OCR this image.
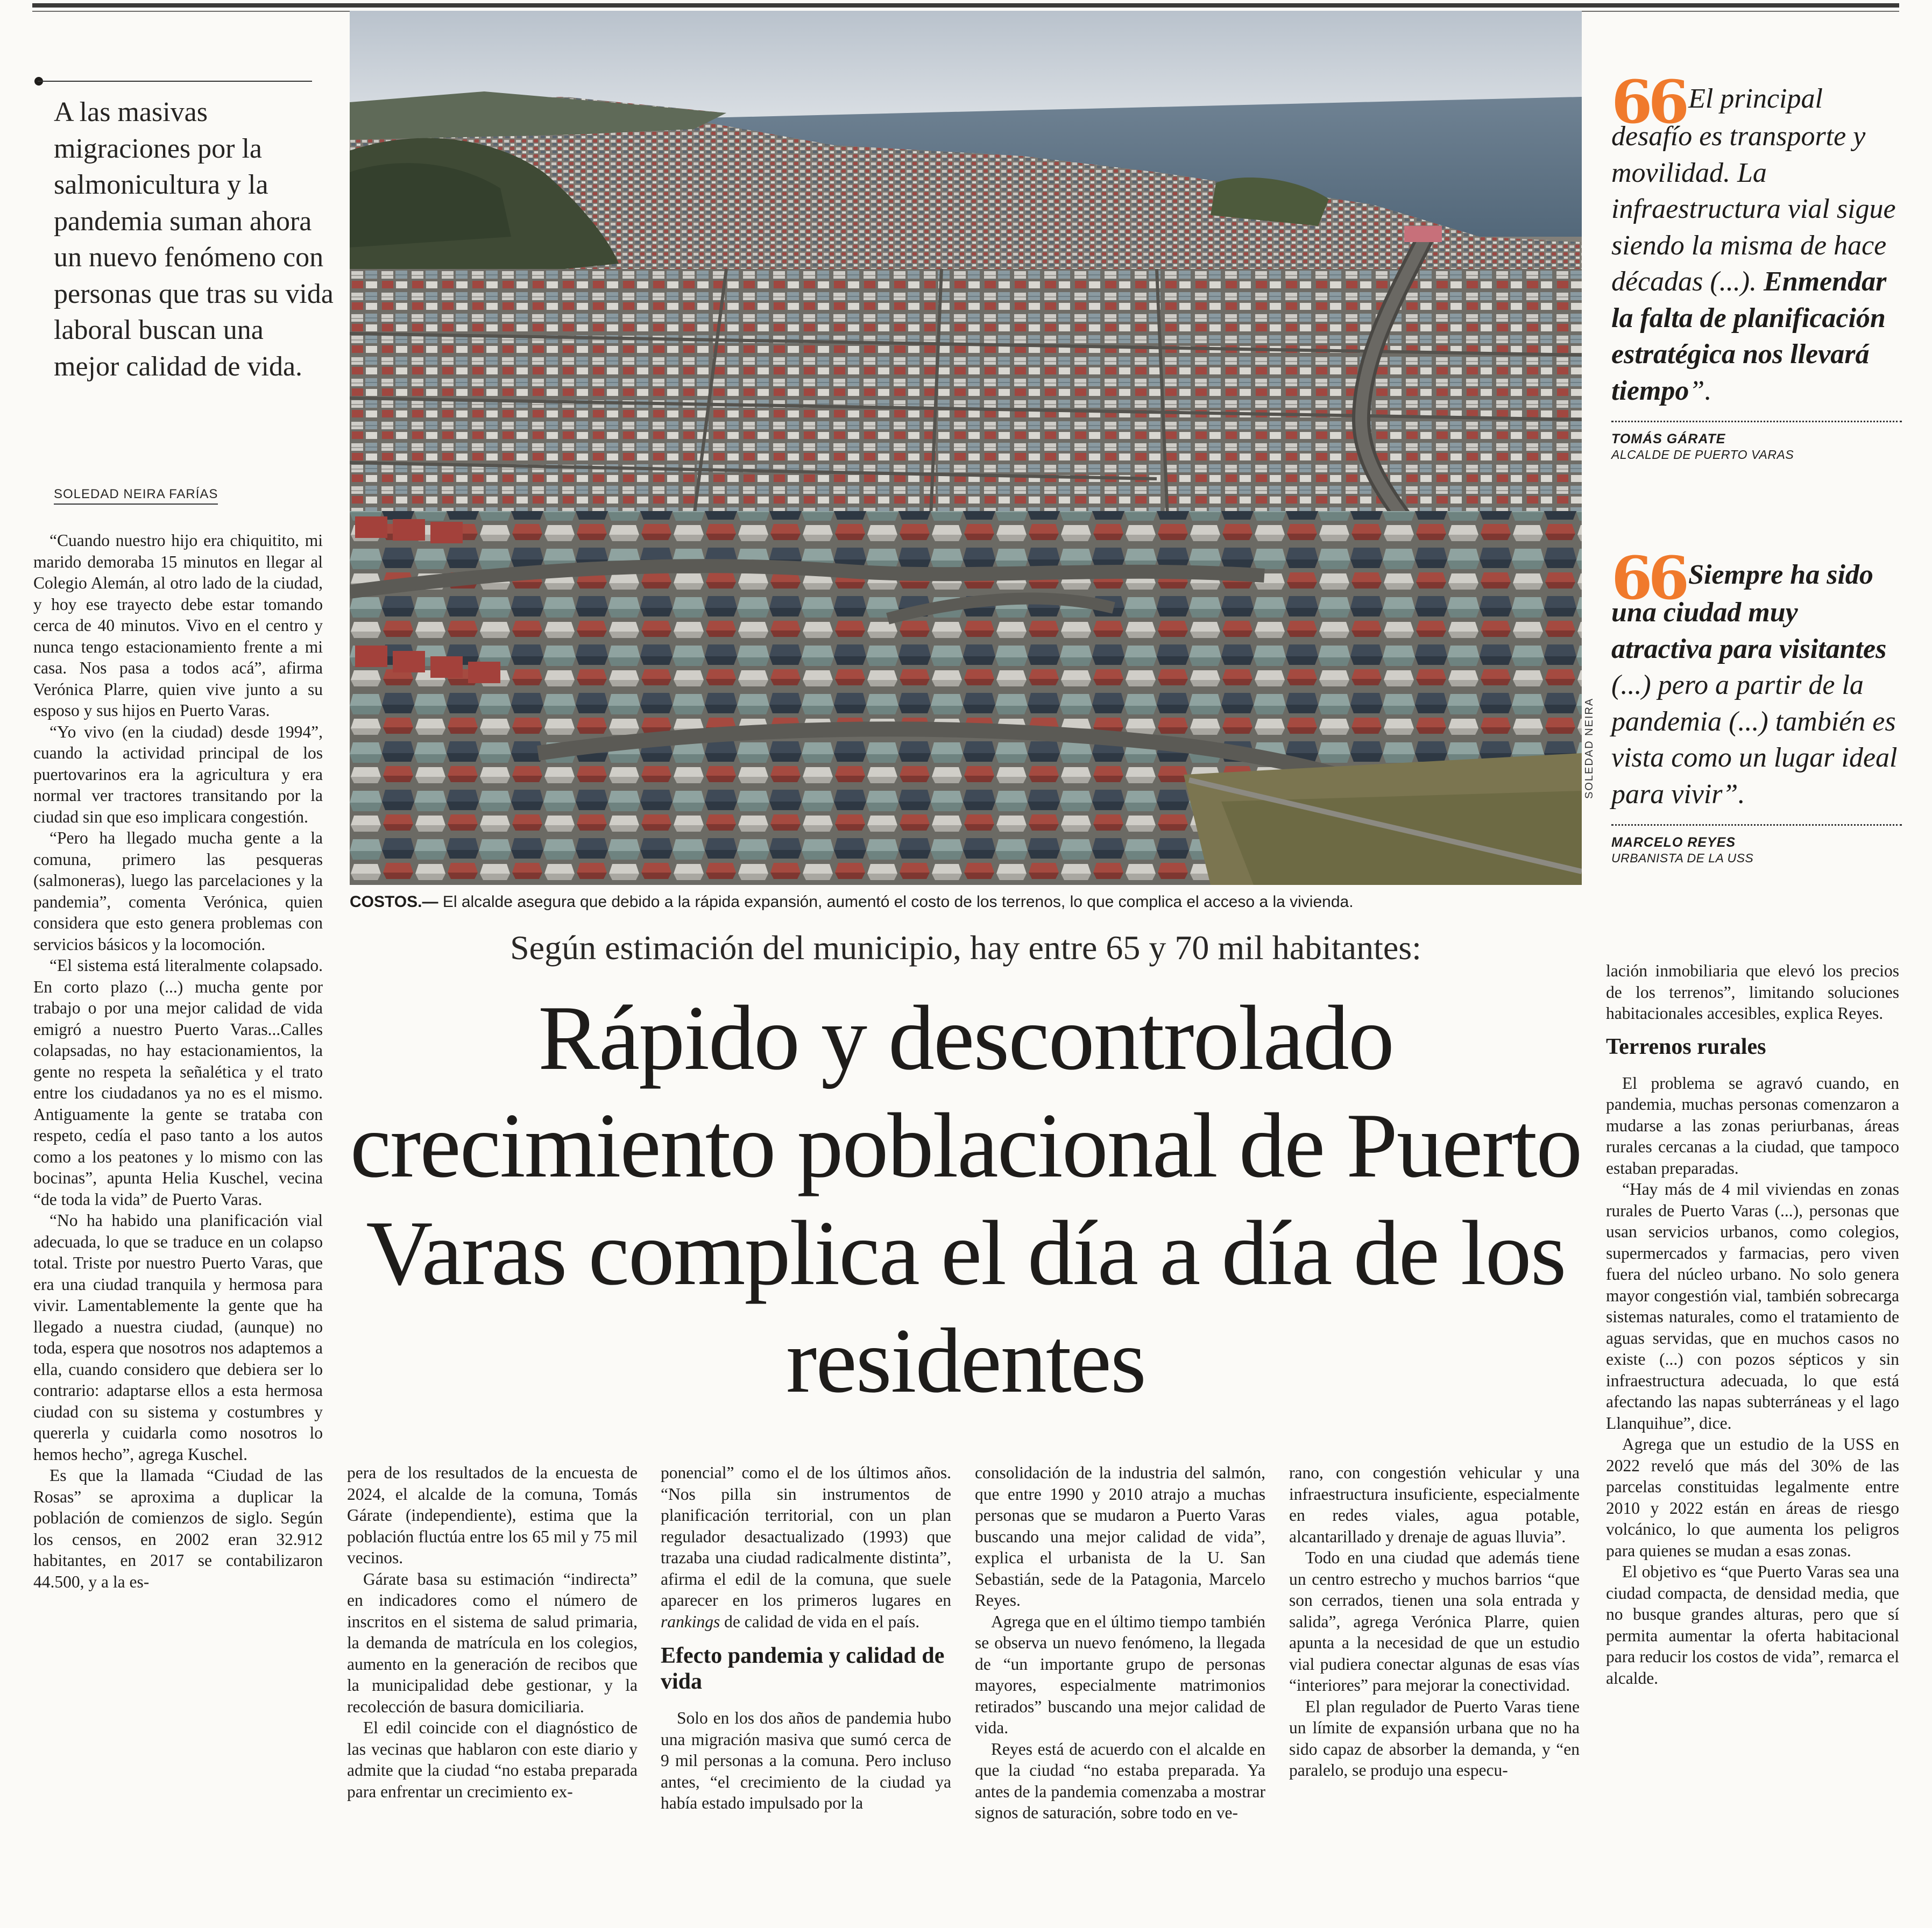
A las masivas migraciones por la salmonicultura y la pandemia suman ahora un nuevo fenómeno con personas que tras su vida laboral buscan una mejor calidad de vida.
SOLEDAD NEIRA FARÍAS

“Cuando nuestro hijo era chiquitito, mi marido demoraba 15 minutos en llegar al Colegio Alemán, al otro lado de la ciudad, y hoy ese trayecto debe estar tomando cerca de 40 minutos. Vivo en el centro y nunca tengo estacionamiento frente a mi casa. Nos pasa a todos acá”, afirma Verónica Plarre, quien vive junto a su esposo y sus hijos en Puerto Varas.

“Yo vivo (en la ciudad) desde 1994”, cuando la actividad principal de los puertovarinos era la agricultura y era normal ver tractores transitando por la ciudad sin que eso implicara congestión.

“Pero ha llegado mucha gente a la comuna, primero las pesqueras (salmoneras), luego las parcelaciones y la pandemia”, comenta Verónica, quien considera que esto genera problemas con servicios básicos y la locomoción.

“El sistema está literalmente colapsado. En corto plazo (...) mucha gente por trabajo o por una mejor calidad de vida emigró a nuestro Puerto Varas...Calles colapsadas, no hay estacionamientos, la gente no respeta la señalética y el trato entre los ciudadanos ya no es el mismo. Antiguamente la gente se trataba con respeto, cedía el paso tanto a los autos como a los peatones y lo mismo con las bocinas”, apunta Helia Kuschel, vecina “de toda la vida” de Puerto Varas.

“No ha habido una planificación vial adecuada, lo que se traduce en un colapso total. Triste por nuestro Puerto Varas, que era una ciudad tranquila y hermosa para vivir. Lamentablemente la gente que ha llegado a nuestra ciudad, (aunque) no toda, espera que nosotros nos adaptemos a ella, cuando considero que debiera ser lo contrario: adaptarse ellos a esta hermosa ciudad con su sistema y costumbres y quererla y cuidarla como nosotros lo hemos hecho”, agrega Kuschel.

Es que la llamada “Ciudad de las Rosas” se aproxima a duplicar la población de comienzos de siglo. Según los censos, en 2002 eran 32.912 habitantes, en 2017 se contabilizaron 44.500, y a la es-

SOLEDAD NEIRA
COSTOS.— El alcalde asegura que debido a la rápida expansión, aumentó el costo de los terrenos, lo que complica el acceso a la vivienda.
66 El principal desafío es transporte y movilidad. La infraestructura vial sigue siendo la misma de hace décadas (...). Enmendar la falta de planificación estratégica nos llevará tiempo”.
TOMÁS GÁRATE
ALCALDE DE PUERTO VARAS
66 Siempre ha sido una ciudad muy atractiva para visitantes (...) pero a partir de la pandemia (...) también es vista como un lugar ideal para vivir”.
MARCELO REYES
URBANISTA DE LA USS
Según estimación del municipio, hay entre 65 y 70 mil habitantes:
Rápido y descontrolado crecimiento poblacional de Puerto Varas complica el día a día de los residentes

pera de los resultados de la encuesta de 2024, el alcalde de la comuna, Tomás Gárate (independiente), estima que la población fluctúa entre los 65 mil y 75 mil vecinos.

Gárate basa su estimación “indirecta” en indicadores como el número de inscritos en el sistema de salud primaria, la demanda de matrícula en los colegios, aumento en la generación de recibos que la municipalidad debe gestionar, y la recolección de basura domiciliaria.

El edil coincide con el diagnóstico de las vecinas que hablaron con este diario y admite que la ciudad “no estaba preparada para enfrentar un crecimiento ex-

ponencial” como el de los últimos años. “Nos pilla sin instrumentos de planificación territorial, con un plan regulador desactualizado (1993) que trazaba una ciudad radicalmente distinta”, afirma el edil de la comuna, que suele aparecer en los primeros lugares en rankings de calidad de vida en el país.

Efecto pandemia y calidad de vida

Solo en los dos años de pandemia hubo una migración masiva que sumó cerca de 9 mil personas a la comuna. Pero incluso antes, “el crecimiento de la ciudad ya había estado impulsado por la

consolidación de la industria del salmón, que entre 1990 y 2010 atrajo a muchas personas que se mudaron a Puerto Varas buscando una mejor calidad de vida”, explica el urbanista de la U. San Sebastián, sede de la Patagonia, Marcelo Reyes.

Agrega que en el último tiempo también se observa un nuevo fenómeno, la llegada de “un importante grupo de personas mayores, especialmente matrimonios retirados” buscando una mejor calidad de vida.

Reyes está de acuerdo con el alcalde en que la ciudad “no estaba preparada. Ya antes de la pandemia comenzaba a mostrar signos de saturación, sobre todo en ve-

rano, con congestión vehicular y una infraestructura insuficiente, especialmente en redes viales, agua potable, alcantarillado y drenaje de aguas lluvia”.

Todo en una ciudad que además tiene un centro estrecho y muchos barrios “que son cerrados, tienen una sola entrada y salida”, agrega Verónica Plarre, quien apunta a la necesidad de que un estudio vial pudiera conectar algunas de esas vías “interiores” para mejorar la conectividad.

El plan regulador de Puerto Varas tiene un límite de expansión urbana que no ha sido capaz de absorber la demanda, y “en paralelo, se produjo una especu-

lación inmobiliaria que elevó los precios de los terrenos”, limitando soluciones habitacionales accesibles, explica Reyes.

Terrenos rurales

El problema se agravó cuando, en pandemia, muchas personas comenzaron a mudarse a las zonas periurbanas, áreas rurales cercanas a la ciudad, que tampoco estaban preparadas.

“Hay más de 4 mil viviendas en zonas rurales de Puerto Varas (...), personas que usan servicios urbanos, como colegios, supermercados y farmacias, pero viven fuera del núcleo urbano. No solo genera mayor congestión vial, también sobrecarga sistemas naturales, como el tratamiento de aguas servidas, que en muchos casos no existe (...) con pozos sépticos y sin infraestructura adecuada, lo que está afectando las napas subterráneas y el lago Llanquihue”, dice.

Agrega que un estudio de la USS en 2022 reveló que más del 30% de las parcelas constituidas legalmente entre 2010 y 2022 están en áreas de riesgo volcánico, lo que aumenta los peligros para quienes se mudan a esas zonas.

El objetivo es “que Puerto Varas sea una ciudad compacta, de densidad media, que no busque grandes alturas, pero que sí permita aumentar la oferta habitacional para reducir los costos de vida”, remarca el alcalde.
